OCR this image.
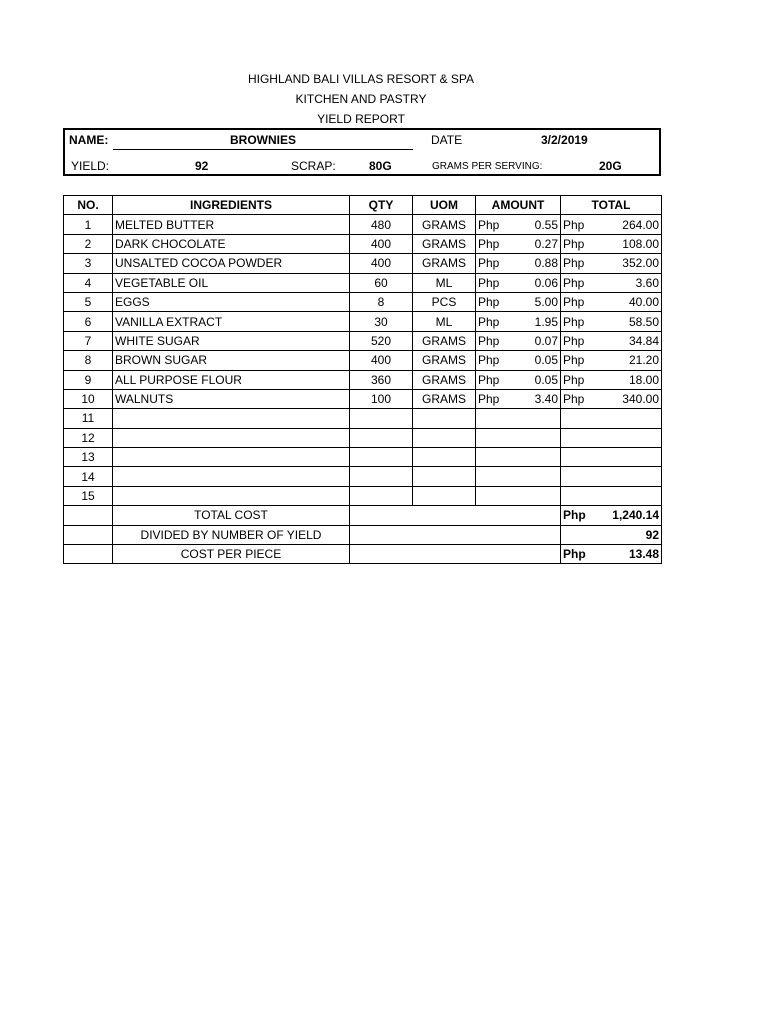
HIGHLAND BALI VILLAS RESORT & SPA
KITCHEN AND PASTRY
YIELD REPORT
NAME:	BROWNIES	DATE	3/2/2019
YIELD:	92	SCRAP:	80G	GRAMS PER SERVING:	20G
NO.	INGREDIENTS	QTY	UOM	AMOUNT	TOTAL
1	MELTED BUTTER	480	GRAMS	Php 0.55	Php 264.00

2	DARK CHOCOLATE	400	GRAMS	Php 0.27	Php 108.00

3	UNSALTED COCOA POWDER	400	GRAMS	Php 0.88	Php 352.00

4	VEGETABLE OIL	60	ML	Php 0.06	Php 3.60

5	EGGS	8	PCS	Php 5.00	Php 40.00

6	VANILLA EXTRACT	30	ML	Php 1.95	Php 58.50

7	WHITE SUGAR	520	GRAMS	Php 0.07	Php 34.84

8	BROWN SUGAR	400	GRAMS	Php 0.05	Php 21.20

9	ALL PURPOSE FLOUR	360	GRAMS	Php 0.05	Php 18.00

10	WALNUTS	100	GRAMS	Php 3.40	Php 340.00

11					
12					
13					
14					
15					
	TOTAL COST				Php 1,240.14

	DIVIDED BY NUMBER OF YIELD				92
	COST PER PIECE				Php 13.48
